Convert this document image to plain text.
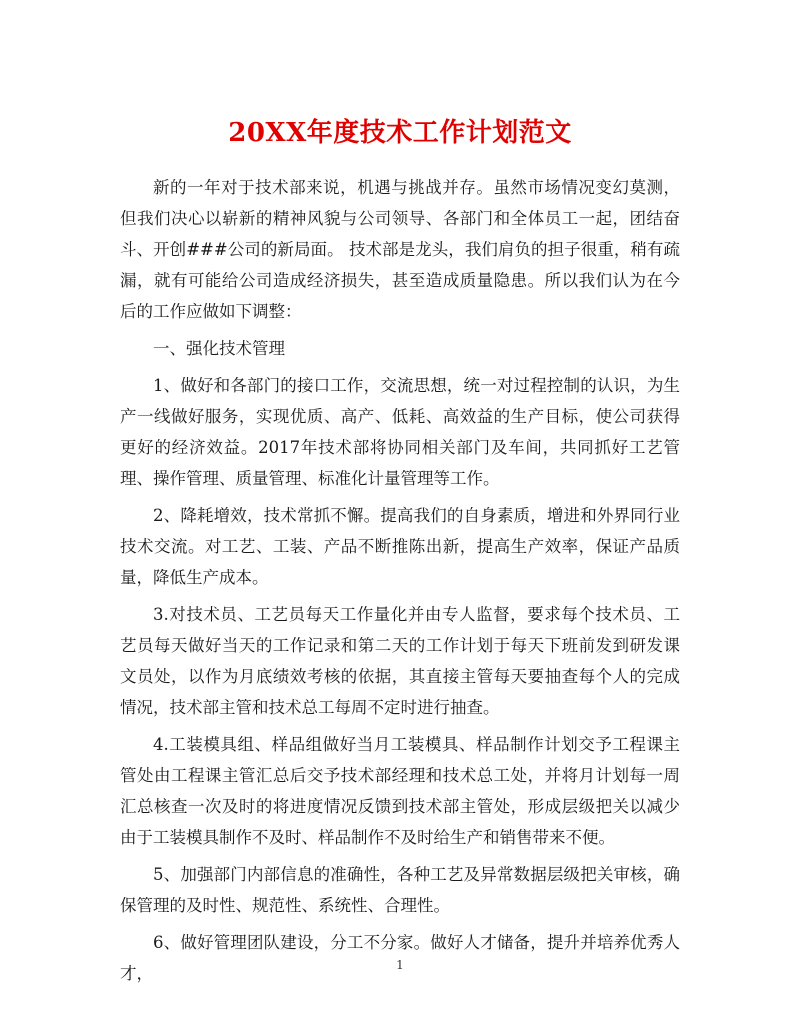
20XX年度技术工作计划范文

新的一年对于技术部来说，机遇与挑战并存。虽然市场情况变幻莫测，但我们决心以崭新的精神风貌与公司领导、各部门和全体员工一起，团结奋斗、开创###公司的新局面。 技术部是龙头，我们肩负的担子很重，稍有疏漏，就有可能给公司造成经济损失，甚至造成质量隐患。所以我们认为在今后的工作应做如下调整：

一、强化技术管理

1、做好和各部门的接口工作，交流思想，统一对过程控制的认识，为生产一线做好服务，实现优质、高产、低耗、高效益的生产目标，使公司获得更好的经济效益。2017年技术部将协同相关部门及车间，共同抓好工艺管理、操作管理、质量管理、标准化计量管理等工作。

2、降耗增效，技术常抓不懈。提高我们的自身素质，增进和外界同行业技术交流。对工艺、工装、产品不断推陈出新，提高生产效率，保证产品质量，降低生产成本。

3.对技术员、工艺员每天工作量化并由专人监督，要求每个技术员、工艺员每天做好当天的工作记录和第二天的工作计划于每天下班前发到研发课文员处，以作为月底绩效考核的依据，其直接主管每天要抽查每个人的完成情况，技术部主管和技术总工每周不定时进行抽查。

4.工装模具组、样品组做好当月工装模具、样品制作计划交予工程课主管处由工程课主管汇总后交予技术部经理和技术总工处，并将月计划每一周汇总核查一次及时的将进度情况反馈到技术部主管处，形成层级把关以减少由于工装模具制作不及时、样品制作不及时给生产和销售带来不便。

5、加强部门内部信息的准确性，各种工艺及异常数据层级把关审核，确保管理的及时性、规范性、系统性、合理性。

6、做好管理团队建设，分工不分家。做好人才储备，提升并培养优秀人才，	1
